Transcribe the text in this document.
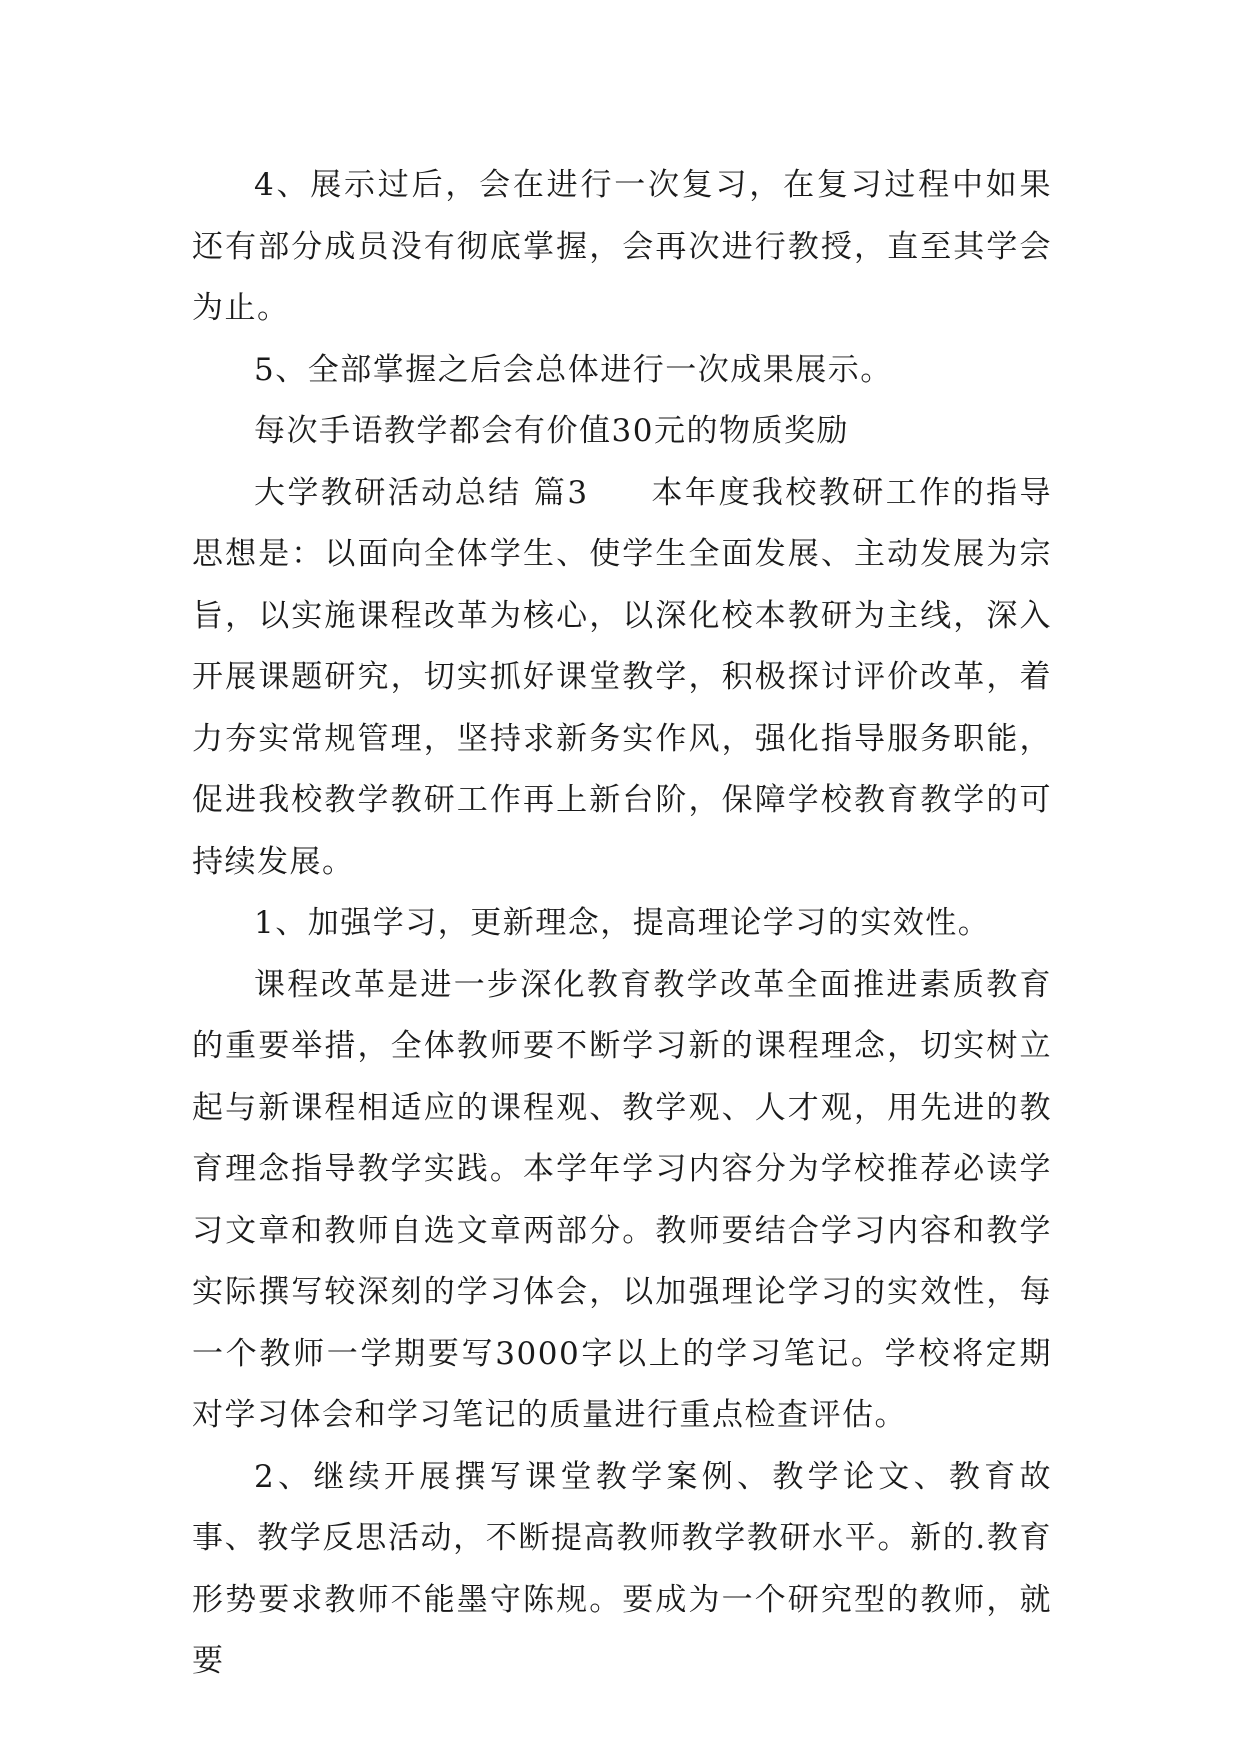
4、展示过后，会在进行一次复习，在复习过程中如果还有部分成员没有彻底掌握，会再次进行教授，直至其学会为止。

5、全部掌握之后会总体进行一次成果展示。

每次手语教学都会有价值30元的物质奖励

大学教研活动总结 篇3 本年度我校教研工作的指导思想是：以面向全体学生、使学生全面发展、主动发展为宗旨，以实施课程改革为核心，以深化校本教研为主线，深入开展课题研究，切实抓好课堂教学，积极探讨评价改革，着力夯实常规管理，坚持求新务实作风，强化指导服务职能，促进我校教学教研工作再上新台阶，保障学校教育教学的可持续发展。

1、加强学习，更新理念，提高理论学习的实效性。

课程改革是进一步深化教育教学改革全面推进素质教育的重要举措，全体教师要不断学习新的课程理念，切实树立起与新课程相适应的课程观、教学观、人才观，用先进的教育理念指导教学实践。本学年学习内容分为学校推荐必读学习文章和教师自选文章两部分。教师要结合学习内容和教学实际撰写较深刻的学习体会，以加强理论学习的实效性，每一个教师一学期要写3000字以上的学习笔记。学校将定期对学习体会和学习笔记的质量进行重点检查评估。

2、继续开展撰写课堂教学案例、教学论文、教育故事、教学反思活动，不断提高教师教学教研水平。新的.教育形势要求教师不能墨守陈规。要成为一个研究型的教师，就要
